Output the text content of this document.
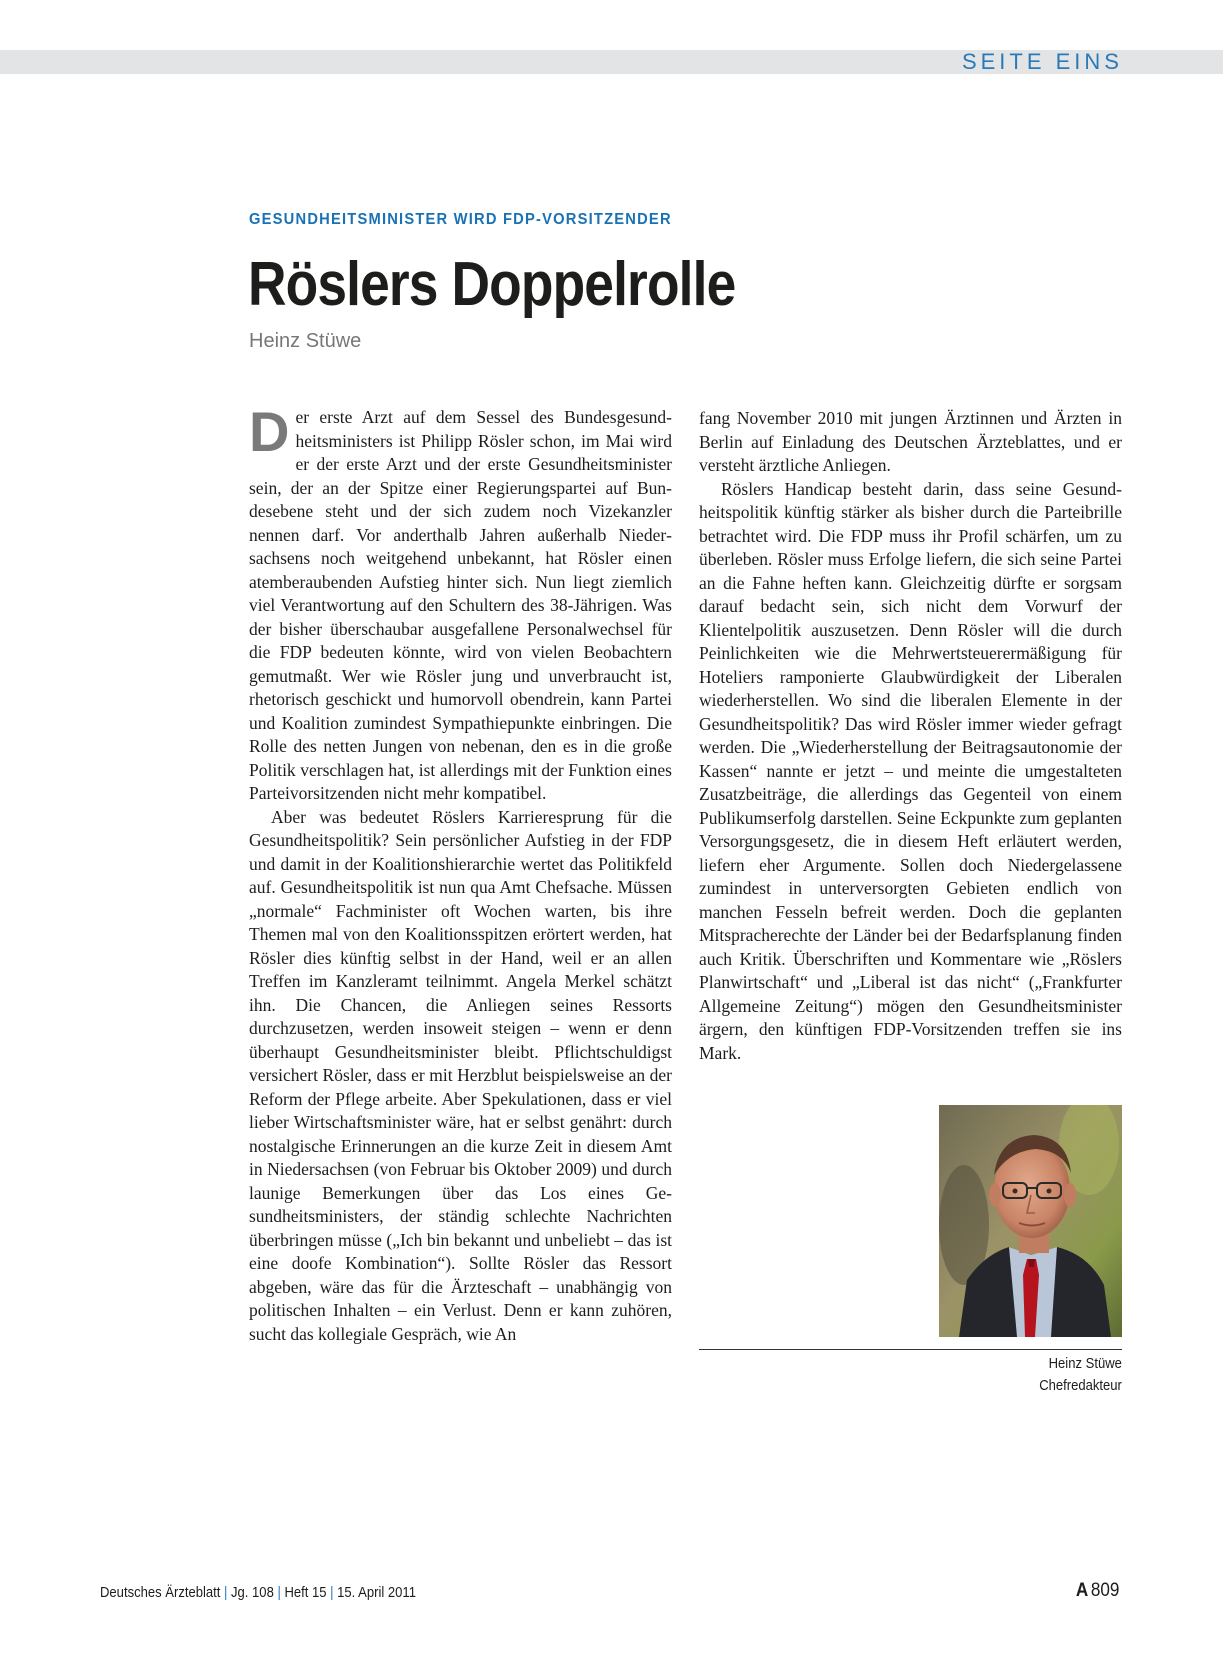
SEITE EINS
GESUNDHEITSMINISTER WIRD FDP-VORSITZENDER
Röslers Doppelrolle
Heinz Stüwe

Der erste Arzt auf dem Sessel des Bundesgesundheitsministers ist Philipp Rösler schon, im Mai wird er der erste Arzt und der erste Gesundheitsminister sein, der an der Spitze einer Regierungspartei auf Bundesebene steht und der sich zudem noch Vizekanzler nennen darf. Vor anderthalb Jahren außerhalb Niedersachsens noch weitgehend unbekannt, hat Rösler einen atemberaubenden Aufstieg hinter sich. Nun liegt ziemlich viel Verantwortung auf den Schultern des 38-Jährigen. Was der bisher überschaubar ausgefallene Personalwechsel für die FDP bedeuten könnte, wird von vielen Beobachtern gemutmaßt. Wer wie Rösler jung und unverbraucht ist, rhetorisch geschickt und humorvoll obendrein, kann Partei und Koalition zumindest Sympathiepunkte einbringen. Die Rolle des netten Jungen von nebenan, den es in die große Politik verschlagen hat, ist allerdings mit der Funktion eines Parteivorsitzenden nicht mehr kompatibel.

Aber was bedeutet Röslers Karrieresprung für die Gesundheitspolitik? Sein persönlicher Aufstieg in der FDP und damit in der Koalitionshierarchie wertet das Politikfeld auf. Gesundheitspolitik ist nun qua Amt Chefsache. Müssen „normale“ Fachminister oft Wochen warten, bis ihre Themen mal von den Koalitionsspitzen erörtert werden, hat Rösler dies künftig selbst in der Hand, weil er an allen Treffen im Kanzleramt teilnimmt. Angela Merkel schätzt ihn. Die Chancen, die Anliegen seines Ressorts durchzusetzen, werden insoweit steigen – wenn er denn überhaupt Gesundheitsminister bleibt. Pflichtschuldigst versichert Rösler, dass er mit Herzblut beispielsweise an der Reform der Pflege arbeite. Aber Spekulationen, dass er viel lieber Wirtschaftsminister wäre, hat er selbst genährt: durch nostalgische Erinnerungen an die kurze Zeit in diesem Amt in Niedersachsen (von Februar bis Oktober 2009) und durch launige Bemerkungen über das Los eines Gesundheitsministers, der ständig schlechte Nachrichten überbringen müsse („Ich bin bekannt und unbeliebt – das ist eine doofe Kombination“). Sollte Rösler das Ressort abgeben, wäre das für die Ärzteschaft – unabhängig von politischen Inhalten – ein Verlust. Denn er kann zuhören, sucht das kollegiale Gespräch, wie An

fang November 2010 mit jungen Ärztinnen und Ärzten in Berlin auf Einladung des Deutschen Ärzteblattes, und er versteht ärztliche Anliegen.

Röslers Handicap besteht darin, dass seine Gesundheitspolitik künftig stärker als bisher durch die Parteibrille betrachtet wird. Die FDP muss ihr Profil schärfen, um zu überleben. Rösler muss Erfolge liefern, die sich seine Partei an die Fahne heften kann. Gleichzeitig dürfte er sorgsam darauf bedacht sein, sich nicht dem Vorwurf der Klientelpolitik auszusetzen. Denn Rösler will die durch Peinlichkeiten wie die Mehrwertsteuerermäßigung für Hoteliers ramponierte Glaubwürdigkeit der Liberalen wiederherstellen. Wo sind die liberalen Elemente in der Gesundheitspolitik? Das wird Rösler immer wieder gefragt werden. Die „Wiederherstellung der Beitragsautonomie der Kassen“ nannte er jetzt – und meinte die umgestalteten Zusatzbeiträge, die allerdings das Gegenteil von einem Publikumserfolg darstellen. Seine Eckpunkte zum geplanten Versorgungsgesetz, die in diesem Heft erläutert werden, liefern eher Argumente. Sollen doch Niedergelassene zumindest in unterversorgten Gebieten endlich von manchen Fesseln befreit werden. Doch die geplanten Mitspracherechte der Länder bei der Bedarfsplanung finden auch Kritik. Überschriften und Kommentare wie „Röslers Planwirtschaft“ und „Liberal ist das nicht“ („Frankfurter Allgemeine Zeitung“) mögen den Gesundheitsminister ärgern, den künftigen FDP-Vorsitzenden treffen sie ins Mark.

Heinz Stüwe
Chefredakteur
Deutsches Ärzteblatt | Jg. 108 | Heft 15 | 15. April 2011	A 809
